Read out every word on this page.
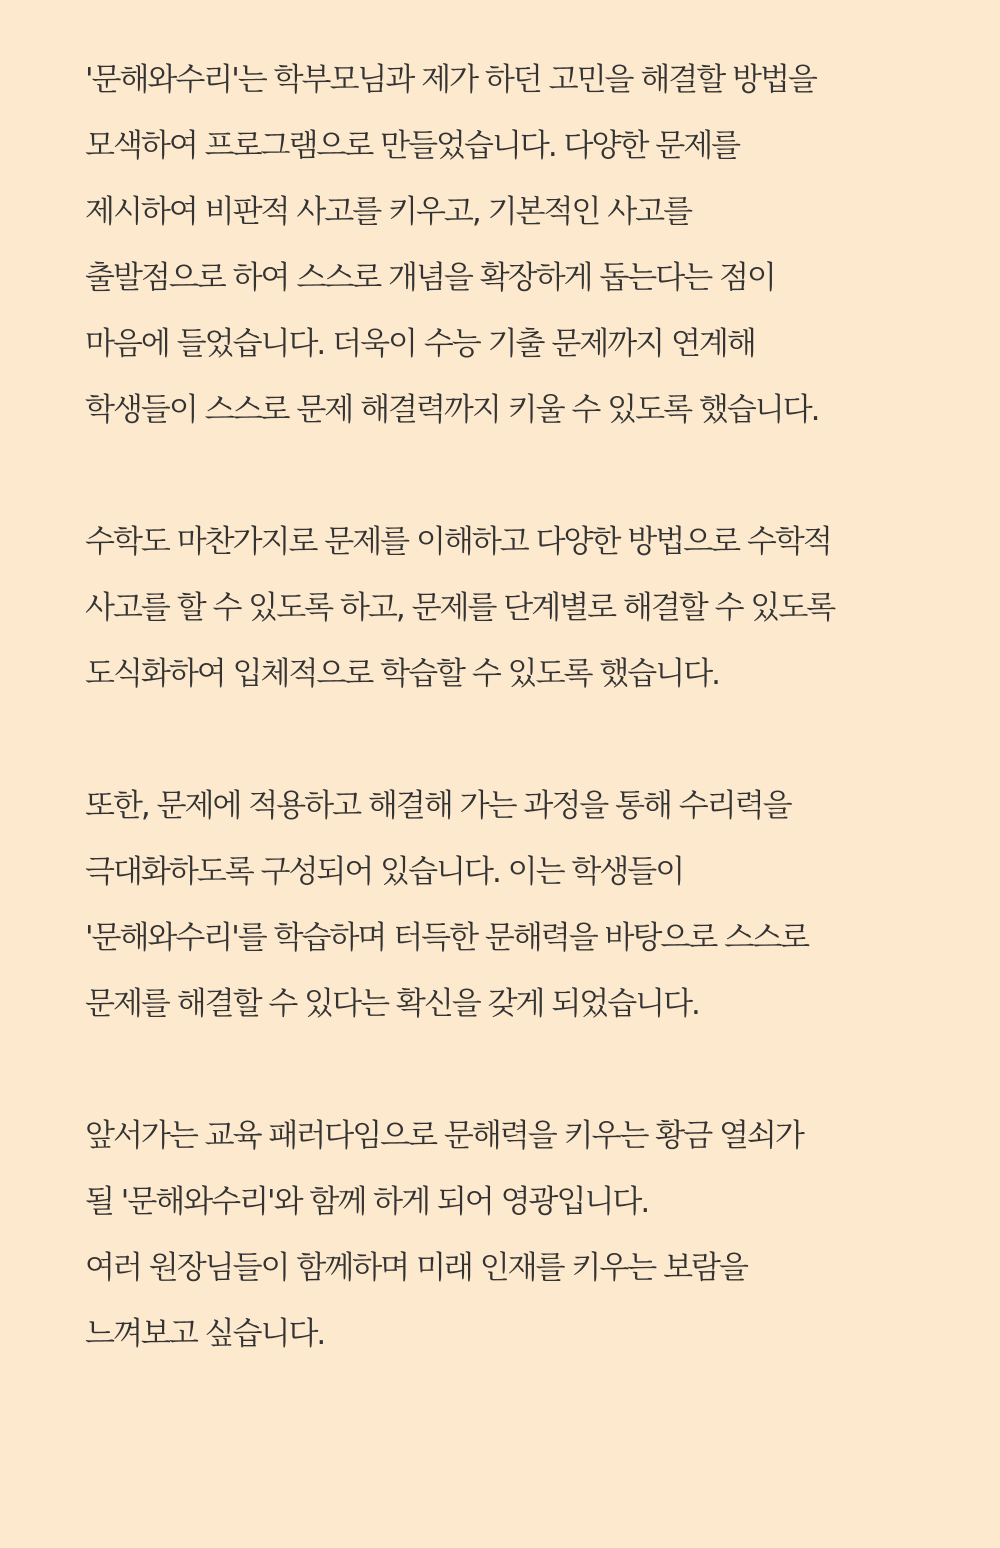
'문해와수리'는 학부모님과 제가 하던 고민을 해결할 방법을
모색하여 프로그램으로 만들었습니다. 다양한 문제를
제시하여 비판적 사고를 키우고, 기본적인 사고를
출발점으로 하여 스스로 개념을 확장하게 돕는다는 점이
마음에 들었습니다. 더욱이 수능 기출 문제까지 연계해
학생들이 스스로 문제 해결력까지 키울 수 있도록 했습니다.
수학도 마찬가지로 문제를 이해하고 다양한 방법으로 수학적
사고를 할 수 있도록 하고, 문제를 단계별로 해결할 수 있도록
도식화하여 입체적으로 학습할 수 있도록 했습니다.
또한, 문제에 적용하고 해결해 가는 과정을 통해 수리력을
극대화하도록 구성되어 있습니다. 이는 학생들이
'문해와수리'를 학습하며 터득한 문해력을 바탕으로 스스로
문제를 해결할 수 있다는 확신을 갖게 되었습니다.
앞서가는 교육 패러다임으로 문해력을 키우는 황금 열쇠가
될 '문해와수리'와 함께 하게 되어 영광입니다.
여러 원장님들이 함께하며 미래 인재를 키우는 보람을
느껴보고 싶습니다.
